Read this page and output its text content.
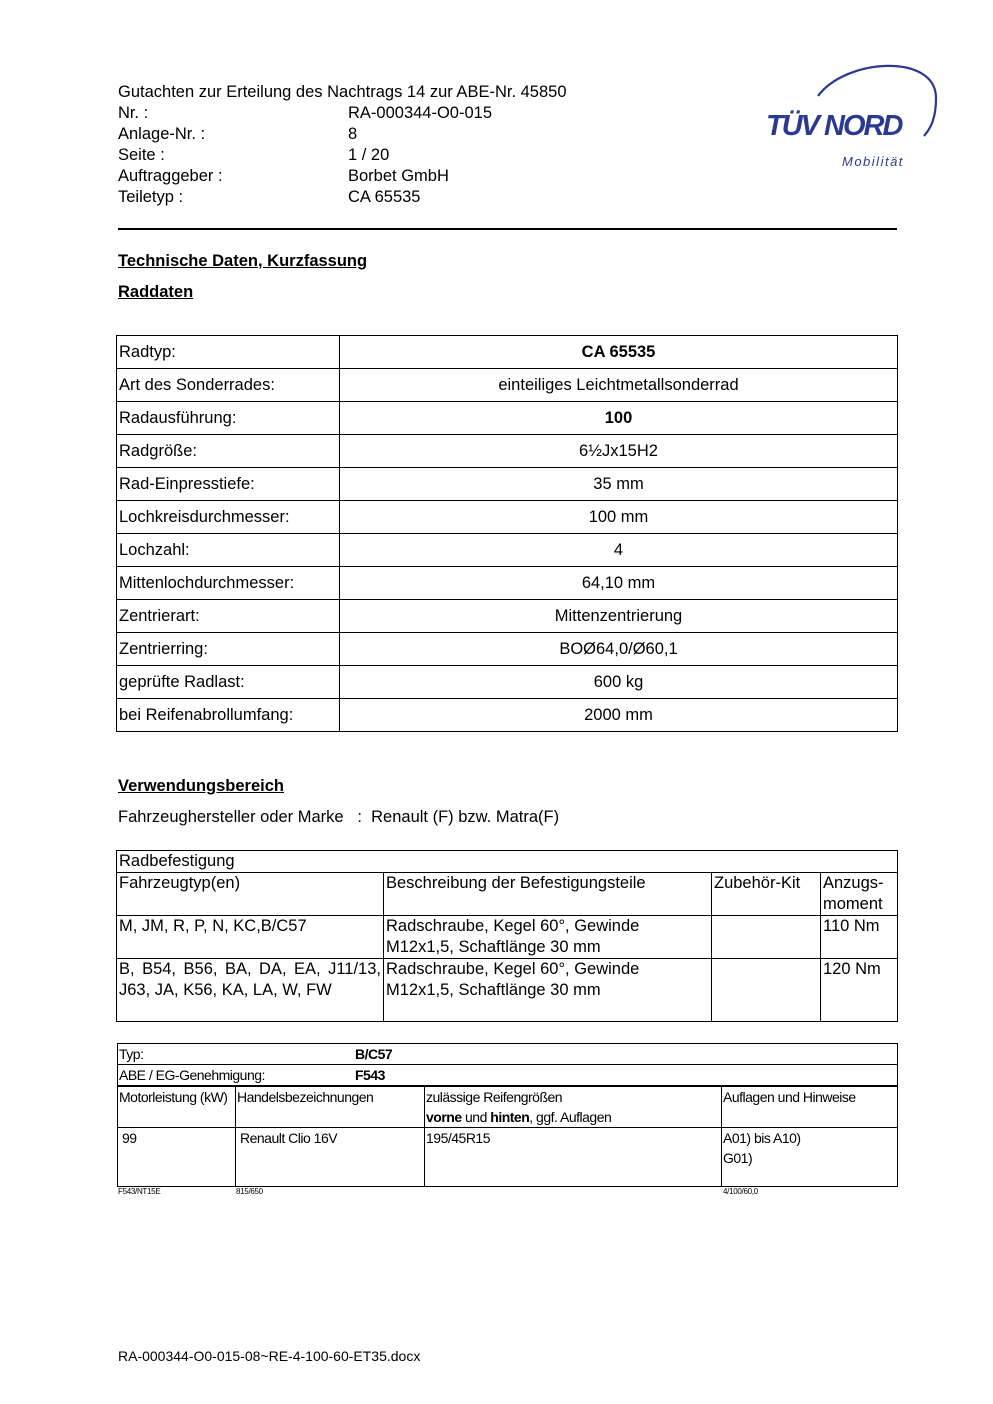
Gutachten zur Erteilung des Nachtrags 14 zur ABE-Nr. 45850
Nr. :	RA-000344-O0-015
Anlage-Nr. :	8
Seite :	1 / 20
Auftraggeber :	Borbet GmbH
Teiletyp :	CA 65535
TÜV NORD
Mobilität
Technische Daten, Kurzfassung
Raddaten
Radtyp:	CA 65535
Art des Sonderrades:	einteiliges Leichtmetallsonderrad
Radausführung:	100
Radgröße:	6½Jx15H2
Rad-Einpresstiefe:	35 mm
Lochkreisdurchmesser:	100 mm
Lochzahl:	4
Mittenlochdurchmesser:	64,10 mm
Zentrierart:	Mittenzentrierung
Zentrierring:	BOØ64,0/Ø60,1
geprüfte Radlast:	600 kg
bei Reifenabrollumfang:	2000 mm
Verwendungsbereich
Fahrzeughersteller oder Marke : Renault (F) bzw. Matra(F)
Radbefestigung			
Fahrzeugtyp(en)	Beschreibung der Befestigungsteile	Zubehör-Kit	Anzugs-
moment
M, JM, R, P, N, KC,B/C57	Radschraube, Kegel 60°, Gewinde M12x1,5, Schaftlänge 30 mm		110 Nm
B, B54, B56, BA, DA, EA, J11/13, J63, JA, K56, KA, LA, W, FW	Radschraube, Kegel 60°, Gewinde M12x1,5, Schaftlänge 30 mm		120 Nm
Typ: B/C57			
ABE / EG-Genehmigung: F543			
Motorleistung (kW)	Handelsbezeichnungen	zulässige Reifengrößen
vorne und hinten, ggf. Auflagen	Auflagen und Hinweise
99	Renault Clio 16V	195/45R15	A01) bis A10)
G01)
F543/NT15E	815/650	4/100/60,0
RA-000344-O0-015-08~RE-4-100-60-ET35.docx
